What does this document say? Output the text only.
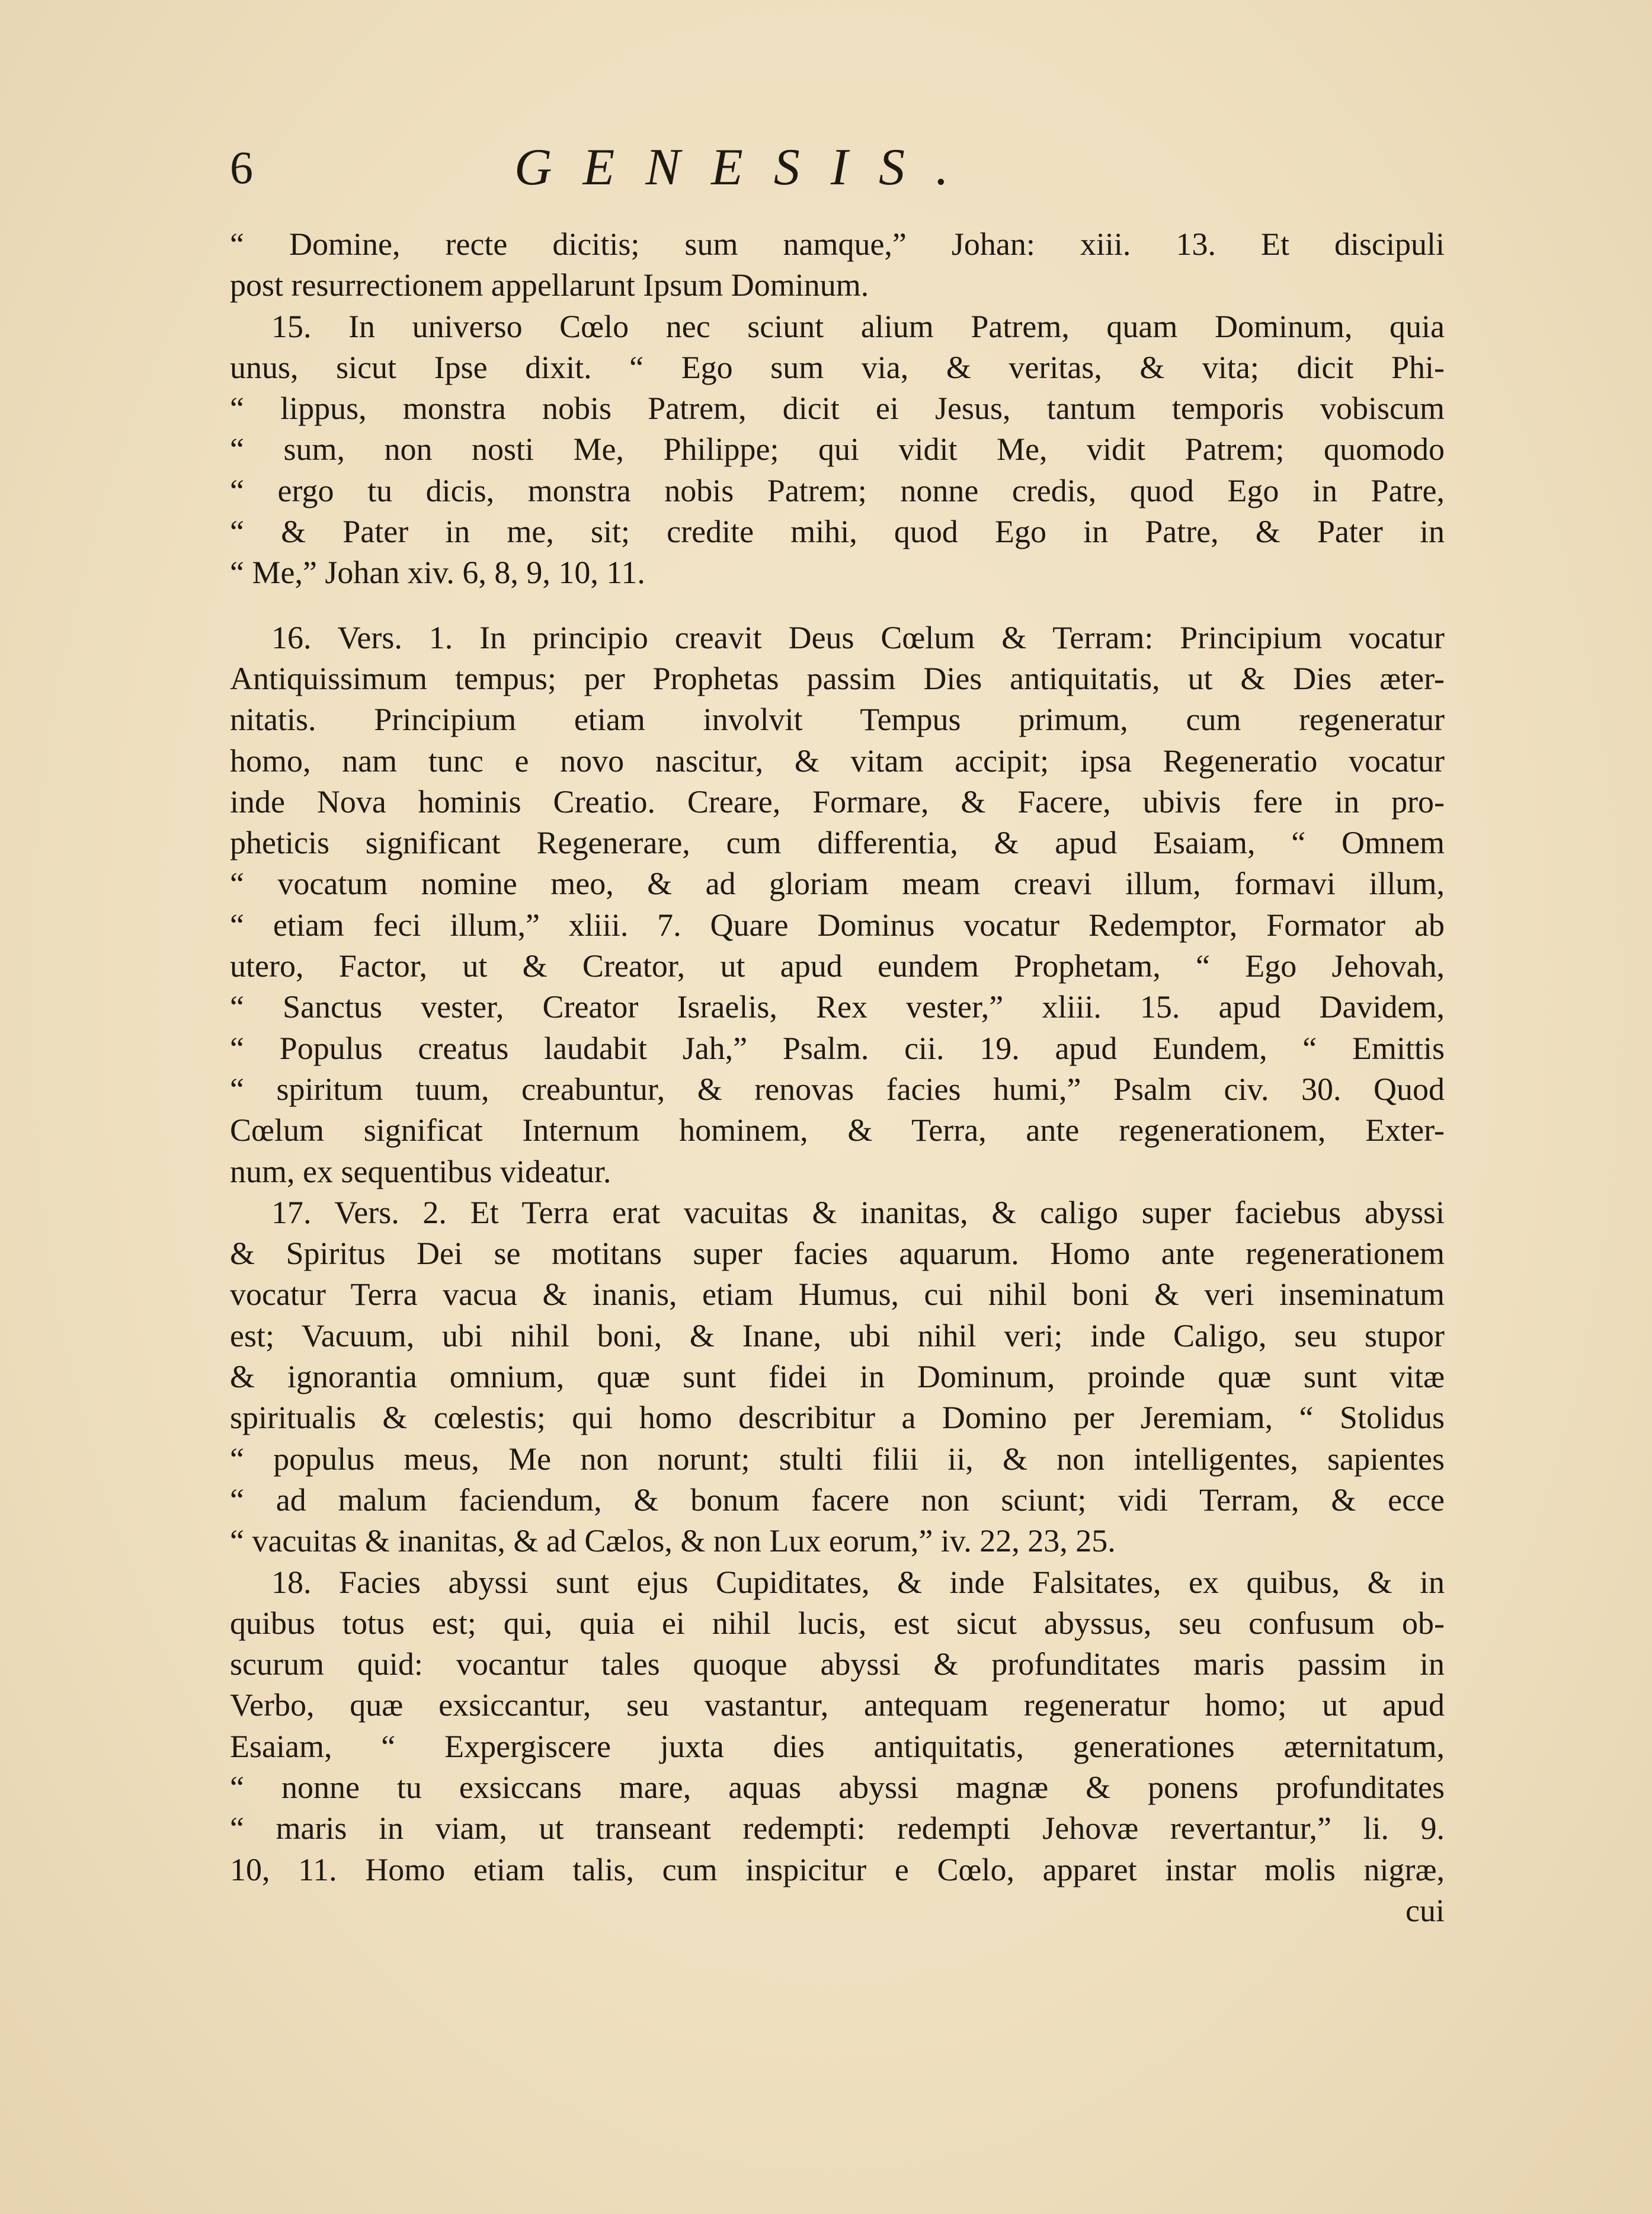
6	GENESIS.
“ Domine, recte dicitis; sum namque,” Johan: xiii. 13. Et discipuli
post resurrectionem appellarunt Ipsum Dominum.
15. In universo Cœlo nec sciunt alium Patrem, quam Dominum, quia
unus, sicut Ipse dixit. “ Ego sum via, & veritas, & vita; dicit Phi-
“ lippus, monstra nobis Patrem, dicit ei Jesus, tantum temporis vobiscum
“ sum, non nosti Me, Philippe; qui vidit Me, vidit Patrem; quomodo
“ ergo tu dicis, monstra nobis Patrem; nonne credis, quod Ego in Patre,
“ & Pater in me, sit; credite mihi, quod Ego in Patre, & Pater in
“ Me,” Johan xiv. 6, 8, 9, 10, 11.
16. Vers. 1. In principio creavit Deus Cœlum & Terram: Principium vocatur
Antiquissimum tempus; per Prophetas passim Dies antiquitatis, ut & Dies æter-
nitatis. Principium etiam involvit Tempus primum, cum regeneratur
homo, nam tunc e novo nascitur, & vitam accipit; ipsa Regeneratio vocatur
inde Nova hominis Creatio. Creare, Formare, & Facere, ubivis fere in pro-
pheticis significant Regenerare, cum differentia, & apud Esaiam, “ Omnem
“ vocatum nomine meo, & ad gloriam meam creavi illum, formavi illum,
“ etiam feci illum,” xliii. 7. Quare Dominus vocatur Redemptor, Formator ab
utero, Factor, ut & Creator, ut apud eundem Prophetam, “ Ego Jehovah,
“ Sanctus vester, Creator Israelis, Rex vester,” xliii. 15. apud Davidem,
“ Populus creatus laudabit Jah,” Psalm. cii. 19. apud Eundem, “ Emittis
“ spiritum tuum, creabuntur, & renovas facies humi,” Psalm civ. 30. Quod
Cœlum significat Internum hominem, & Terra, ante regenerationem, Exter-
num, ex sequentibus videatur.
17. Vers. 2. Et Terra erat vacuitas & inanitas, & caligo super faciebus abyssi
& Spiritus Dei se motitans super facies aquarum. Homo ante regenerationem
vocatur Terra vacua & inanis, etiam Humus, cui nihil boni & veri inseminatum
est; Vacuum, ubi nihil boni, & Inane, ubi nihil veri; inde Caligo, seu stupor
& ignorantia omnium, quæ sunt fidei in Dominum, proinde quæ sunt vitæ
spiritualis & cœlestis; qui homo describitur a Domino per Jeremiam, “ Stolidus
“ populus meus, Me non norunt; stulti filii ii, & non intelligentes, sapientes
“ ad malum faciendum, & bonum facere non sciunt; vidi Terram, & ecce
“ vacuitas & inanitas, & ad Cælos, & non Lux eorum,” iv. 22, 23, 25.
18. Facies abyssi sunt ejus Cupiditates, & inde Falsitates, ex quibus, & in
quibus totus est; qui, quia ei nihil lucis, est sicut abyssus, seu confusum ob-
scurum quid: vocantur tales quoque abyssi & profunditates maris passim in
Verbo, quæ exsiccantur, seu vastantur, antequam regeneratur homo; ut apud
Esaiam, “ Expergiscere juxta dies antiquitatis, generationes æternitatum,
“ nonne tu exsiccans mare, aquas abyssi magnæ & ponens profunditates
“ maris in viam, ut transeant redempti: redempti Jehovæ revertantur,” li. 9.
10, 11. Homo etiam talis, cum inspicitur e Cœlo, apparet instar molis nigræ,
cui
